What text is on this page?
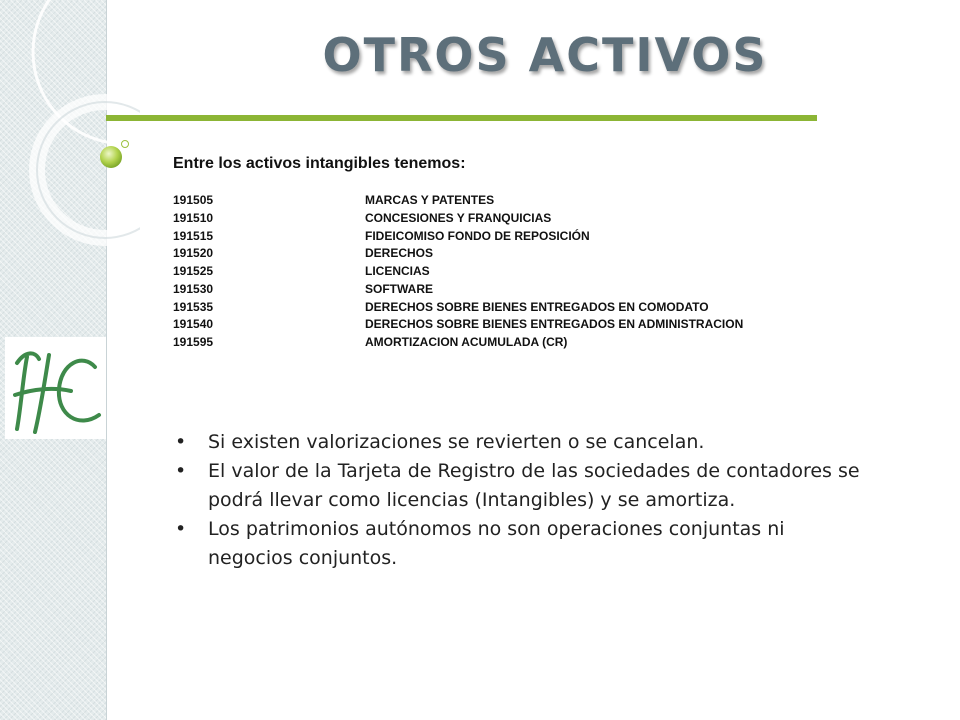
OTROS ACTIVOS
Entre los activos intangibles tenemos:
191505	MARCAS Y PATENTES
191510	CONCESIONES Y FRANQUICIAS
191515	FIDEICOMISO FONDO DE REPOSICIÓN
191520	DERECHOS
191525	LICENCIAS
191530	SOFTWARE
191535	DERECHOS SOBRE BIENES ENTREGADOS EN COMODATO
191540	DERECHOS SOBRE BIENES ENTREGADOS EN ADMINISTRACION
191595	AMORTIZACION ACUMULADA (CR)
• Si existen valorizaciones se revierten o se cancelan.
• El valor de la Tarjeta de Registro de las sociedades de contadores se podrá llevar como licencias (Intangibles) y se amortiza.
• Los patrimonios autónomos no son operaciones conjuntas ni negocios conjuntos.
